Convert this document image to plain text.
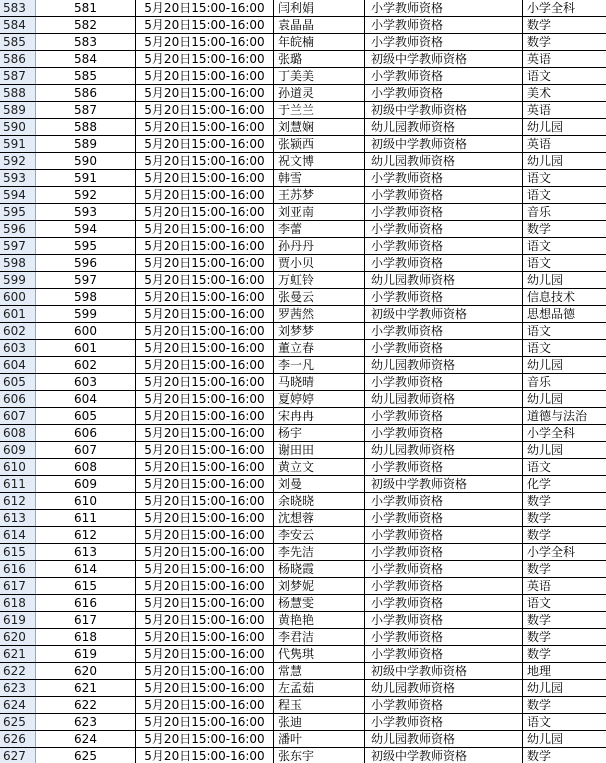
583	581	5月20日15:00-16:00	闫利娟	小学教师资格	小学全科
584	582	5月20日15:00-16:00	袁晶晶	小学教师资格	数学
585	583	5月20日15:00-16:00	年皖楠	小学教师资格	数学
586	584	5月20日15:00-16:00	张璐	初级中学教师资格	英语
587	585	5月20日15:00-16:00	丁美美	小学教师资格	语文
588	586	5月20日15:00-16:00	孙道灵	小学教师资格	美术
589	587	5月20日15:00-16:00	于兰兰	初级中学教师资格	英语
590	588	5月20日15:00-16:00	刘慧娴	幼儿园教师资格	幼儿园
591	589	5月20日15:00-16:00	张颍西	初级中学教师资格	英语
592	590	5月20日15:00-16:00	祝文博	幼儿园教师资格	幼儿园
593	591	5月20日15:00-16:00	韩雪	小学教师资格	语文
594	592	5月20日15:00-16:00	王苏梦	小学教师资格	语文
595	593	5月20日15:00-16:00	刘亚南	小学教师资格	音乐
596	594	5月20日15:00-16:00	李蕾	小学教师资格	数学
597	595	5月20日15:00-16:00	孙丹丹	小学教师资格	语文
598	596	5月20日15:00-16:00	贾小贝	小学教师资格	语文
599	597	5月20日15:00-16:00	万虹铃	幼儿园教师资格	幼儿园
600	598	5月20日15:00-16:00	张曼云	小学教师资格	信息技术
601	599	5月20日15:00-16:00	罗茜然	初级中学教师资格	思想品德
602	600	5月20日15:00-16:00	刘梦梦	小学教师资格	语文
603	601	5月20日15:00-16:00	董立春	小学教师资格	语文
604	602	5月20日15:00-16:00	李一凡	幼儿园教师资格	幼儿园
605	603	5月20日15:00-16:00	马晓晴	小学教师资格	音乐
606	604	5月20日15:00-16:00	夏婷婷	幼儿园教师资格	幼儿园
607	605	5月20日15:00-16:00	宋冉冉	小学教师资格	道德与法治
608	606	5月20日15:00-16:00	杨宇	小学教师资格	小学全科
609	607	5月20日15:00-16:00	谢田田	幼儿园教师资格	幼儿园
610	608	5月20日15:00-16:00	黄立文	小学教师资格	语文
611	609	5月20日15:00-16:00	刘曼	初级中学教师资格	化学
612	610	5月20日15:00-16:00	余晓晓	小学教师资格	数学
613	611	5月20日15:00-16:00	沈想蓉	小学教师资格	数学
614	612	5月20日15:00-16:00	李安云	小学教师资格	数学
615	613	5月20日15:00-16:00	李先洁	小学教师资格	小学全科
616	614	5月20日15:00-16:00	杨晓霞	小学教师资格	数学
617	615	5月20日15:00-16:00	刘梦妮	小学教师资格	英语
618	616	5月20日15:00-16:00	杨慧雯	小学教师资格	语文
619	617	5月20日15:00-16:00	黄艳艳	小学教师资格	数学
620	618	5月20日15:00-16:00	李君洁	小学教师资格	数学
621	619	5月20日15:00-16:00	代隽琪	小学教师资格	数学
622	620	5月20日15:00-16:00	常慧	初级中学教师资格	地理
623	621	5月20日15:00-16:00	左孟茹	幼儿园教师资格	幼儿园
624	622	5月20日15:00-16:00	程玉	小学教师资格	数学
625	623	5月20日15:00-16:00	张迪	小学教师资格	语文
626	624	5月20日15:00-16:00	潘叶	幼儿园教师资格	幼儿园
627	625	5月20日15:00-16:00	张东宇	初级中学教师资格	数学
